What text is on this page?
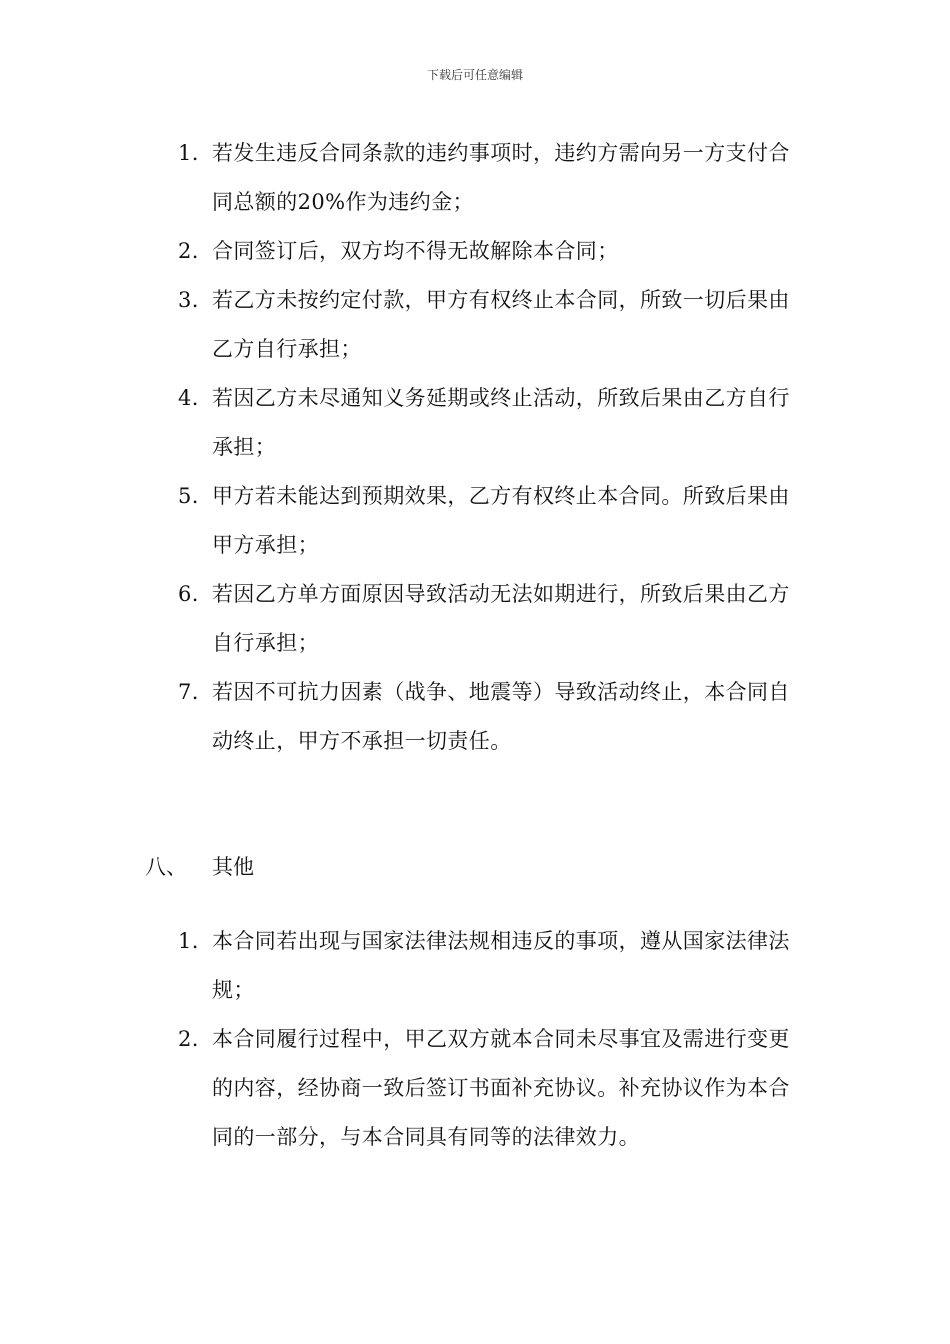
下载后可任意编辑
1. 若发生违反合同条款的违约事项时，违约方需向另一方支付合同总额的20%作为违约金；
2. 合同签订后，双方均不得无故解除本合同；
3. 若乙方未按约定付款，甲方有权终止本合同，所致一切后果由乙方自行承担；
4. 若因乙方未尽通知义务延期或终止活动，所致后果由乙方自行承担；
5. 甲方若未能达到预期效果，乙方有权终止本合同。所致后果由甲方承担；
6. 若因乙方单方面原因导致活动无法如期进行，所致后果由乙方自行承担；
7. 若因不可抗力因素（战争、地震等）导致活动终止，本合同自动终止，甲方不承担一切责任。
八、 其他
1. 本合同若出现与国家法律法规相违反的事项，遵从国家法律法规；
2. 本合同履行过程中，甲乙双方就本合同未尽事宜及需进行变更的内容，经协商一致后签订书面补充协议。补充协议作为本合同的一部分，与本合同具有同等的法律效力。
